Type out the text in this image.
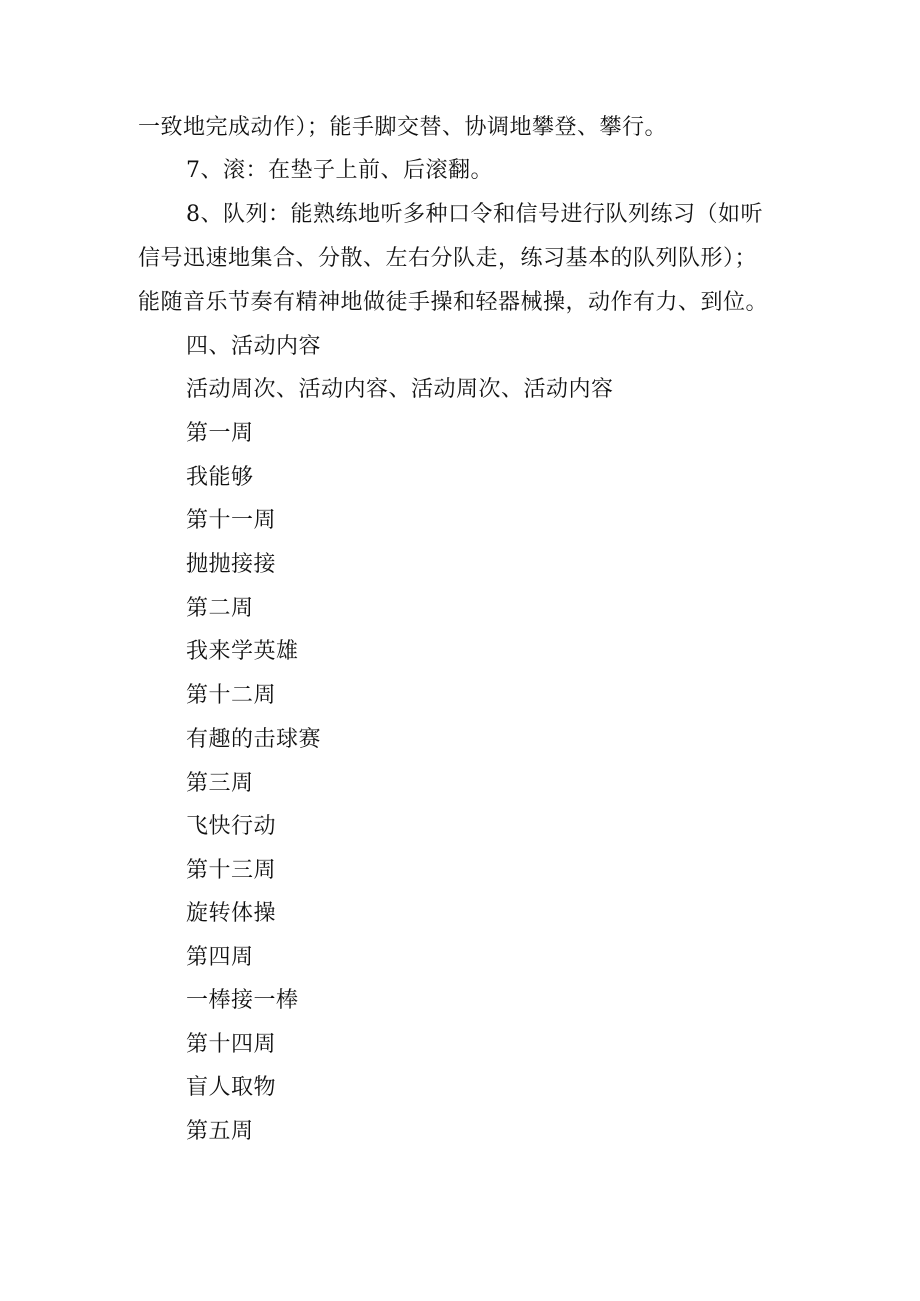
一致地完成动作）；能手脚交替、协调地攀登、攀行。
7、滚：在垫子上前、后滚翻。
8、队列：能熟练地听多种口令和信号进行队列练习（如听
信号迅速地集合、分散、左右分队走，练习基本的队列队形）；
能随音乐节奏有精神地做徒手操和轻器械操，动作有力、到位。
四、活动内容
活动周次、活动内容、活动周次、活动内容
第一周
我能够
第十一周
抛抛接接
第二周
我来学英雄
第十二周
有趣的击球赛
第三周
飞快行动
第十三周
旋转体操
第四周
一棒接一棒
第十四周
盲人取物
第五周
